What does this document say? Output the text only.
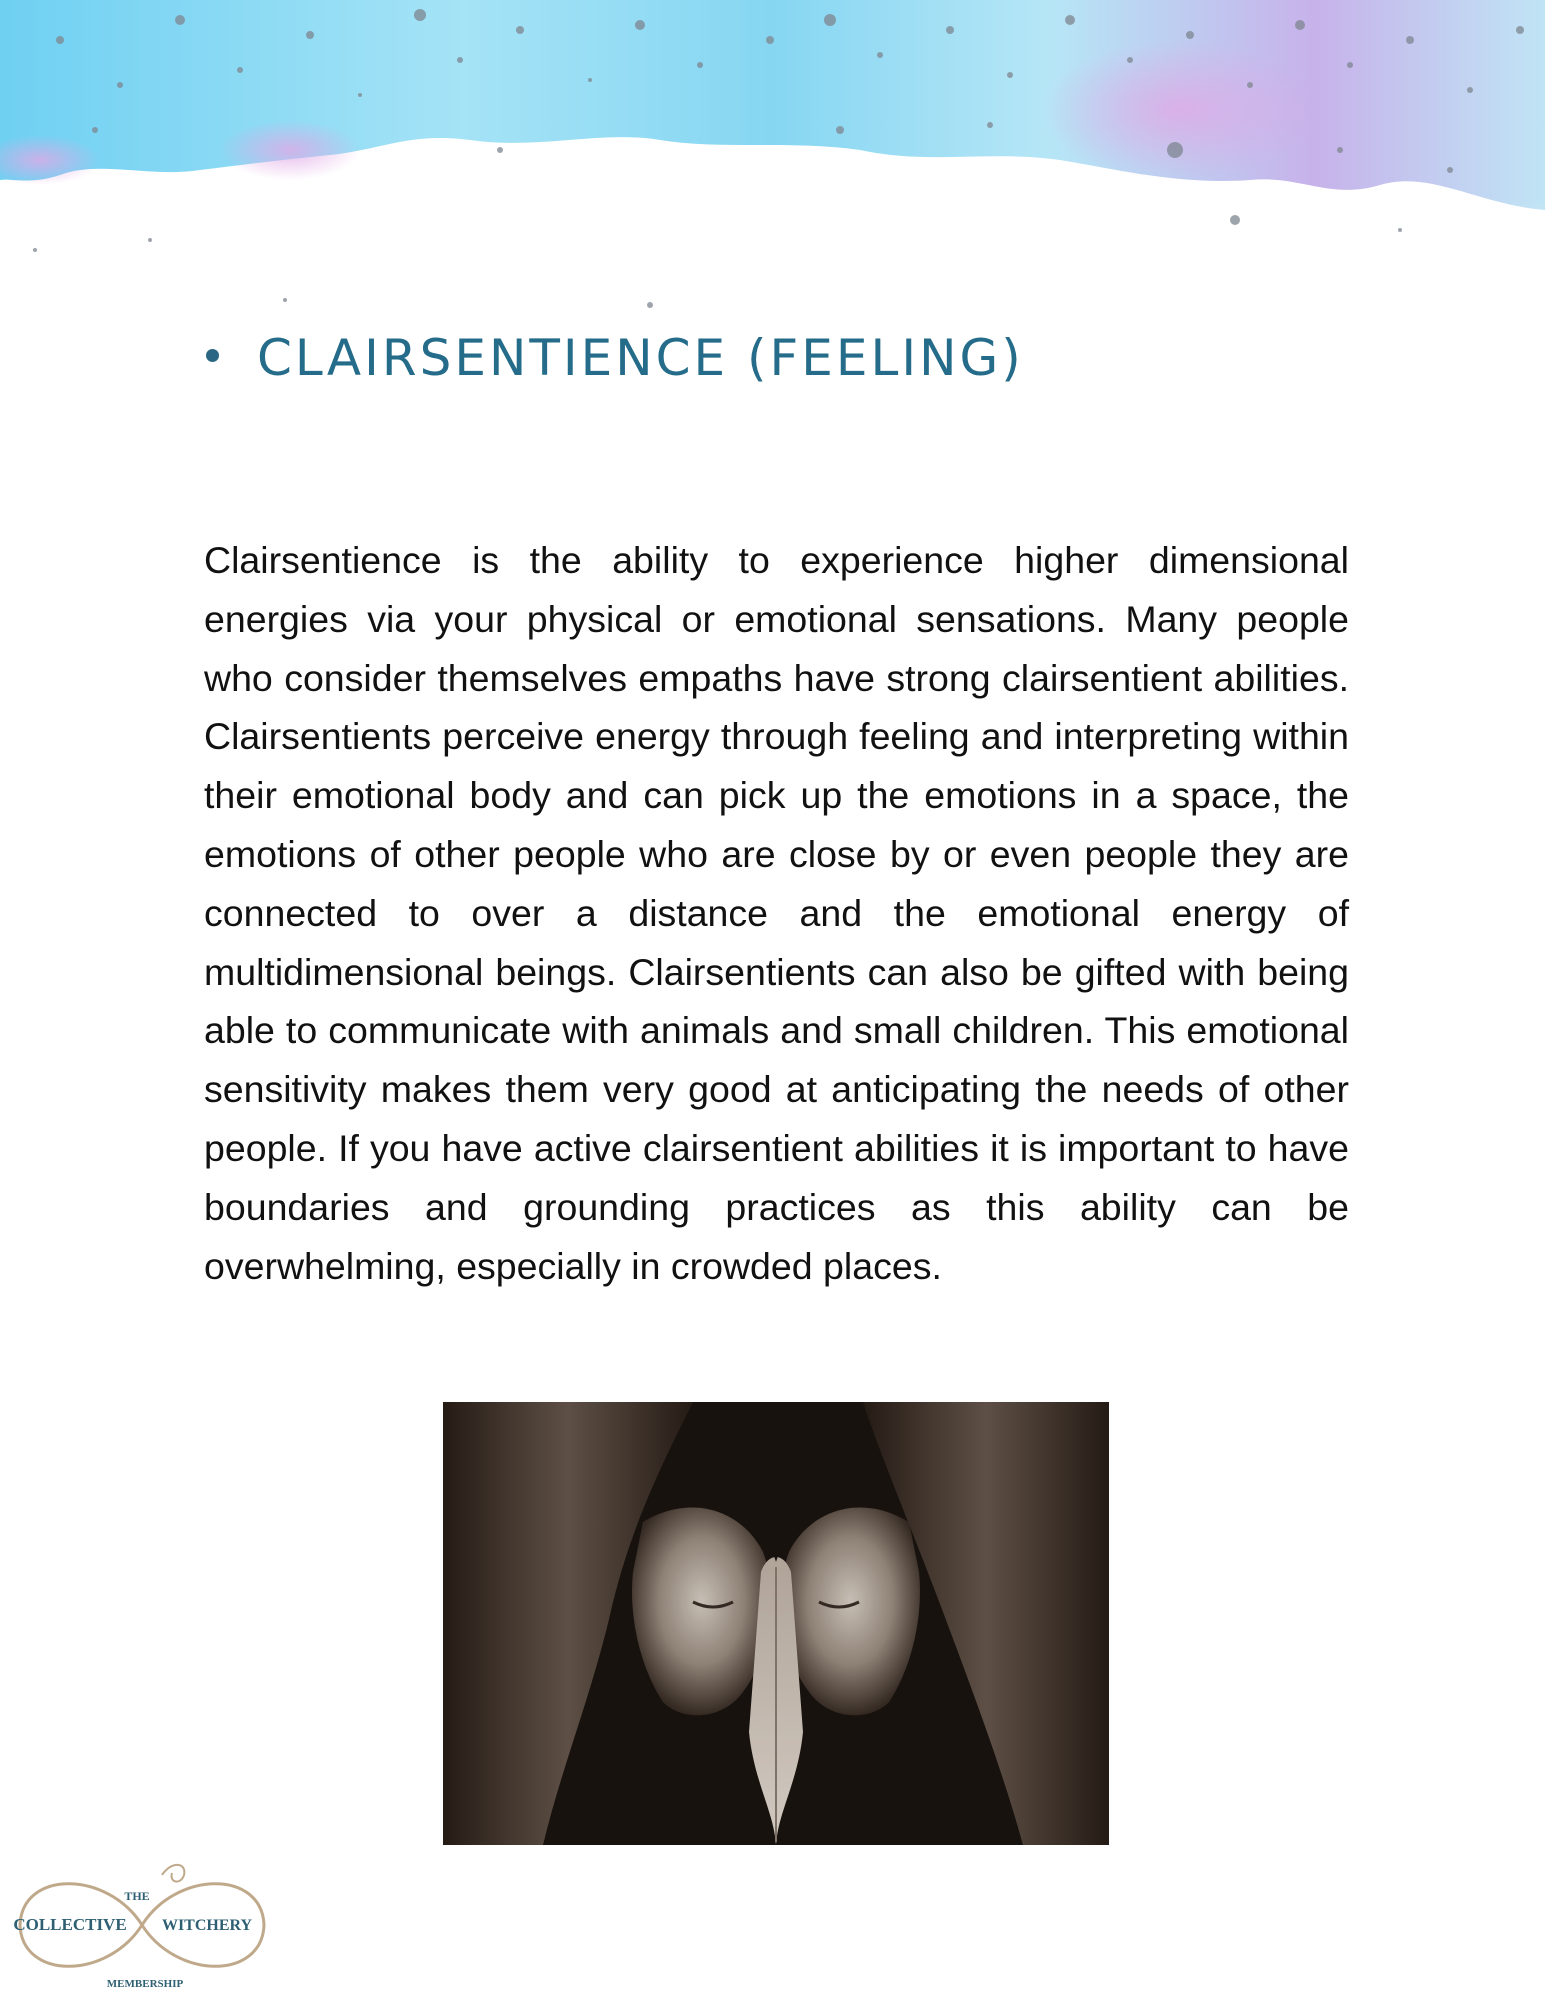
CLAIRSENTIENCE (FEELING)

Clairsentience is the ability to experience higher dimensional energies via your physical or emotional sensations. Many people who consider themselves empaths have strong clairsentient abilities. Clairsentients perceive energy through feeling and interpreting within their emotional body and can pick up the emotions in a space, the emotions of other people who are close by or even people they are connected to over a distance and the emotional energy of multidimensional beings. Clairsentients can also be gifted with being able to communicate with animals and small children. This emotional sensitivity makes them very good at anticipating the needs of other people. If you have active clairsentient abilities it is important to have boundaries and grounding practices as this ability can be overwhelming, especially in crowded places.

THE
COLLECTIVE WITCHERY
MEMBERSHIP
